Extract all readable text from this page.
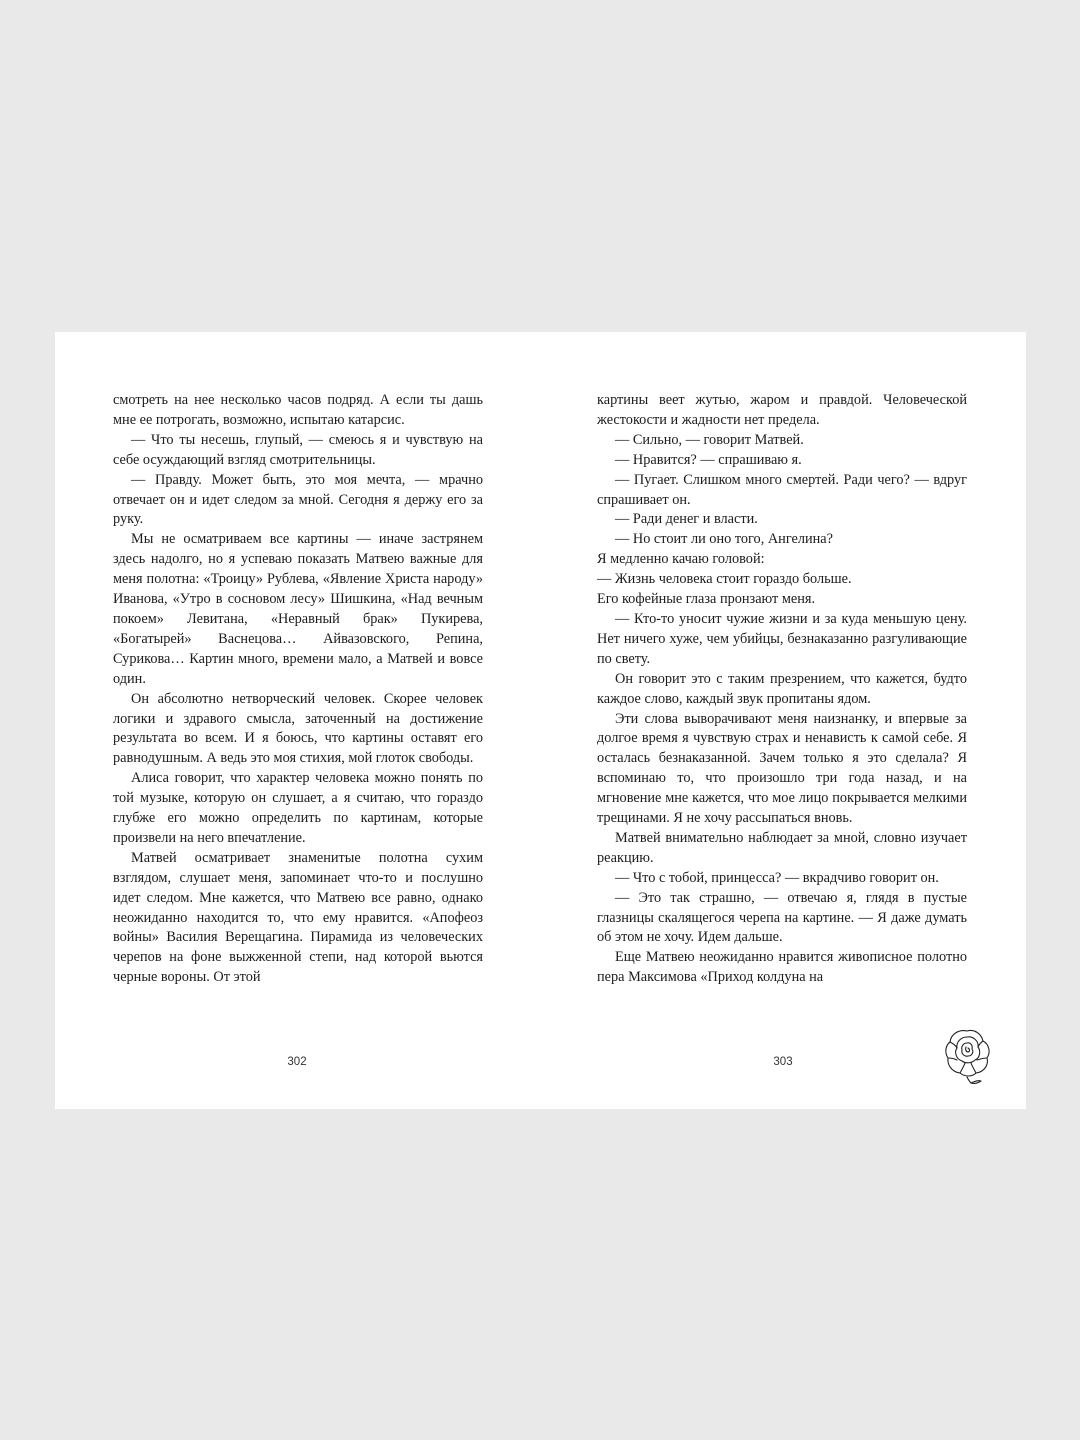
смотреть на нее несколько часов подряд. А если ты дашь мне ее потрогать, возможно, испытаю катарсис.

— Что ты несешь, глупый, — смеюсь я и чувствую на себе осуждающий взгляд смотрительницы.

— Правду. Может быть, это моя мечта, — мрачно отвечает он и идет следом за мной. Сегодня я держу его за руку.

Мы не осматриваем все картины — иначе застрянем здесь надолго, но я успеваю показать Матвею важные для меня полотна: «Троицу» Рублева, «Явление Христа народу» Иванова, «Утро в сосновом лесу» Шишкина, «Над вечным покоем» Левитана, «Неравный брак» Пукирева, «Богатырей» Васнецова… Айвазовского, Репина, Сурикова… Картин много, времени мало, а Матвей и вовсе один.

Он абсолютно нетворческий человек. Скорее человек логики и здравого смысла, заточенный на достижение результата во всем. И я боюсь, что картины оставят его равнодушным. А ведь это моя стихия, мой глоток свободы.

Алиса говорит, что характер человека можно понять по той музыке, которую он слушает, а я считаю, что гораздо глубже его можно определить по картинам, которые произвели на него впечатление.

Матвей осматривает знаменитые полотна сухим взглядом, слушает меня, запоминает что-то и послушно идет следом. Мне кажется, что Матвею все равно, однако неожиданно находится то, что ему нравится. «Апофеоз войны» Василия Верещагина. Пирамида из человеческих черепов на фоне выжженной степи, над которой вьются черные вороны. От этой

картины веет жутью, жаром и правдой. Человеческой жестокости и жадности нет предела.

— Сильно, — говорит Матвей.

— Нравится? — спрашиваю я.

— Пугает. Слишком много смертей. Ради чего? — вдруг спрашивает он.

— Ради денег и власти.

— Но стоит ли оно того, Ангелина?

Я медленно качаю головой:

— Жизнь человека стоит гораздо больше.

Его кофейные глаза пронзают меня.

— Кто-то уносит чужие жизни и за куда меньшую цену. Нет ничего хуже, чем убийцы, безнаказанно разгуливающие по свету.

Он говорит это с таким презрением, что кажется, будто каждое слово, каждый звук пропитаны ядом.

Эти слова выворачивают меня наизнанку, и впервые за долгое время я чувствую страх и ненависть к самой себе. Я осталась безнаказанной. Зачем только я это сделала? Я вспоминаю то, что произошло три года назад, и на мгновение мне кажется, что мое лицо покрывается мелкими трещинами. Я не хочу рассыпаться вновь.

Матвей внимательно наблюдает за мной, словно изучает реакцию.

— Что с тобой, принцесса? — вкрадчиво говорит он.

— Это так страшно, — отвечаю я, глядя в пустые глазницы скалящегося черепа на картине. — Я даже думать об этом не хочу. Идем дальше.

Еще Матвею неожиданно нравится живописное полотно пера Максимова «Приход колдуна на

302	303
